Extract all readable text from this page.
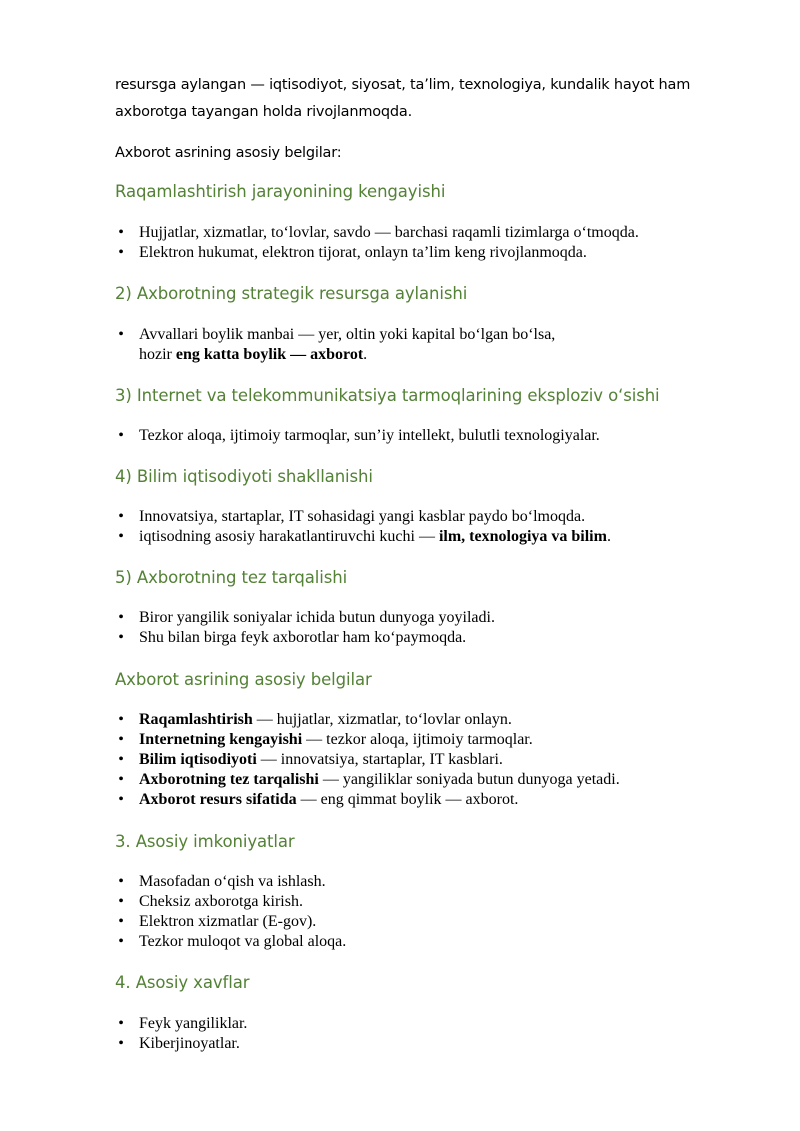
resursga aylangan — iqtisodiyot, siyosat, ta’lim, texnologiya, kundalik hayot ham
axborotga tayangan holda rivojlanmoqda.
Axborot asrining asosiy belgilar:
Raqamlashtirish jarayonining kengayishi
• Hujjatlar, xizmatlar, to‘lovlar, savdo — barchasi raqamli tizimlarga o‘tmoqda.
• Elektron hukumat, elektron tijorat, onlayn ta’lim keng rivojlanmoqda.
2) Axborotning strategik resursga aylanishi
• Avvallari boylik manbai — yer, oltin yoki kapital bo‘lgan bo‘lsa,
hozir eng katta boylik — axborot.
3) Internet va telekommunikatsiya tarmoqlarining eksploziv o‘sishi
• Tezkor aloqa, ijtimoiy tarmoqlar, sun’iy intellekt, bulutli texnologiyalar.
4) Bilim iqtisodiyoti shakllanishi
• Innovatsiya, startaplar, IT sohasidagi yangi kasblar paydo bo‘lmoqda.
• iqtisodning asosiy harakatlantiruvchi kuchi — ilm, texnologiya va bilim.
5) Axborotning tez tarqalishi
• Biror yangilik soniyalar ichida butun dunyoga yoyiladi.
• Shu bilan birga feyk axborotlar ham ko‘paymoqda.
Axborot asrining asosiy belgilar
• Raqamlashtirish — hujjatlar, xizmatlar, to‘lovlar onlayn.
• Internetning kengayishi — tezkor aloqa, ijtimoiy tarmoqlar.
• Bilim iqtisodiyoti — innovatsiya, startaplar, IT kasblari.
• Axborotning tez tarqalishi — yangiliklar soniyada butun dunyoga yetadi.
• Axborot resurs sifatida — eng qimmat boylik — axborot.
3. Asosiy imkoniyatlar
• Masofadan o‘qish va ishlash.
• Cheksiz axborotga kirish.
• Elektron xizmatlar (E-gov).
• Tezkor muloqot va global aloqa.
4. Asosiy xavflar
• Feyk yangiliklar.
• Kiberjinoyatlar.
